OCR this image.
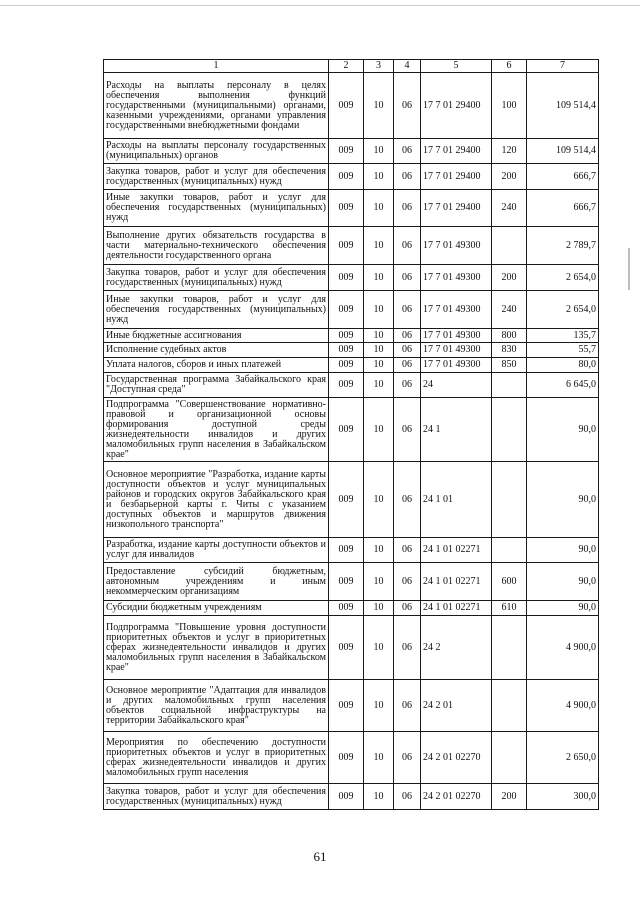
1	2	3	4	5	6	7
Расходы на выплаты персоналу в целях обеспечения выполнения функций государственными (муниципальными) органами, казенными учреждениями, органами управления государственными внебюджетными фондами	009	10	06	17 7 01 29400	100	109 514,4
Расходы на выплаты персоналу государственных (муниципальных) органов	009	10	06	17 7 01 29400	120	109 514,4
Закупка товаров, работ и услуг для обеспечения государственных (муниципальных) нужд	009	10	06	17 7 01 29400	200	666,7
Иные закупки товаров, работ и услуг для обеспечения государственных (муниципальных) нужд	009	10	06	17 7 01 29400	240	666,7
Выполнение других обязательств государства в части материально-технического обеспечения деятельности государственного органа	009	10	06	17 7 01 49300		2 789,7
Закупка товаров, работ и услуг для обеспечения государственных (муниципальных) нужд	009	10	06	17 7 01 49300	200	2 654,0
Иные закупки товаров, работ и услуг для обеспечения государственных (муниципальных) нужд	009	10	06	17 7 01 49300	240	2 654,0
Иные бюджетные ассигнования	009	10	06	17 7 01 49300	800	135,7
Исполнение судебных актов	009	10	06	17 7 01 49300	830	55,7
Уплата налогов, сборов и иных платежей	009	10	06	17 7 01 49300	850	80,0
Государственная программа Забайкальского края "Доступная среда"	009	10	06	24		6 645,0
Подпрограмма "Совершенствование нормативно-правовой и организационной основы формирования доступной среды жизнедеятельности инвалидов и других маломобильных групп населения в Забайкальском крае"	009	10	06	24 1		90,0
Основное мероприятие "Разработка, издание карты доступности объектов и услуг муниципальных районов и городских округов Забайкальского края и безбарьерной карты г. Читы с указанием доступных объектов и маршрутов движения низкопольного транспорта"	009	10	06	24 1 01		90,0
Разработка, издание карты доступности объектов и услуг для инвалидов	009	10	06	24 1 01 02271		90,0
Предоставление субсидий бюджетным, автономным учреждениям и иным некоммерческим организациям	009	10	06	24 1 01 02271	600	90,0
Субсидии бюджетным учреждениям	009	10	06	24 1 01 02271	610	90,0
Подпрограмма "Повышение уровня доступности приоритетных объектов и услуг в приоритетных сферах жизнедеятельности инвалидов и других маломобильных групп населения в Забайкальском крае"	009	10	06	24 2		4 900,0
Основное мероприятие "Адаптация для инвалидов и других маломобильных групп населения объектов социальной инфраструктуры на территории Забайкальского края"	009	10	06	24 2 01		4 900,0
Мероприятия по обеспечению доступности приоритетных объектов и услуг в приоритетных сферах жизнедеятельности инвалидов и других маломобильных групп населения	009	10	06	24 2 01 02270		2 650,0
Закупка товаров, работ и услуг для обеспечения государственных (муниципальных) нужд	009	10	06	24 2 01 02270	200	300,0
61
